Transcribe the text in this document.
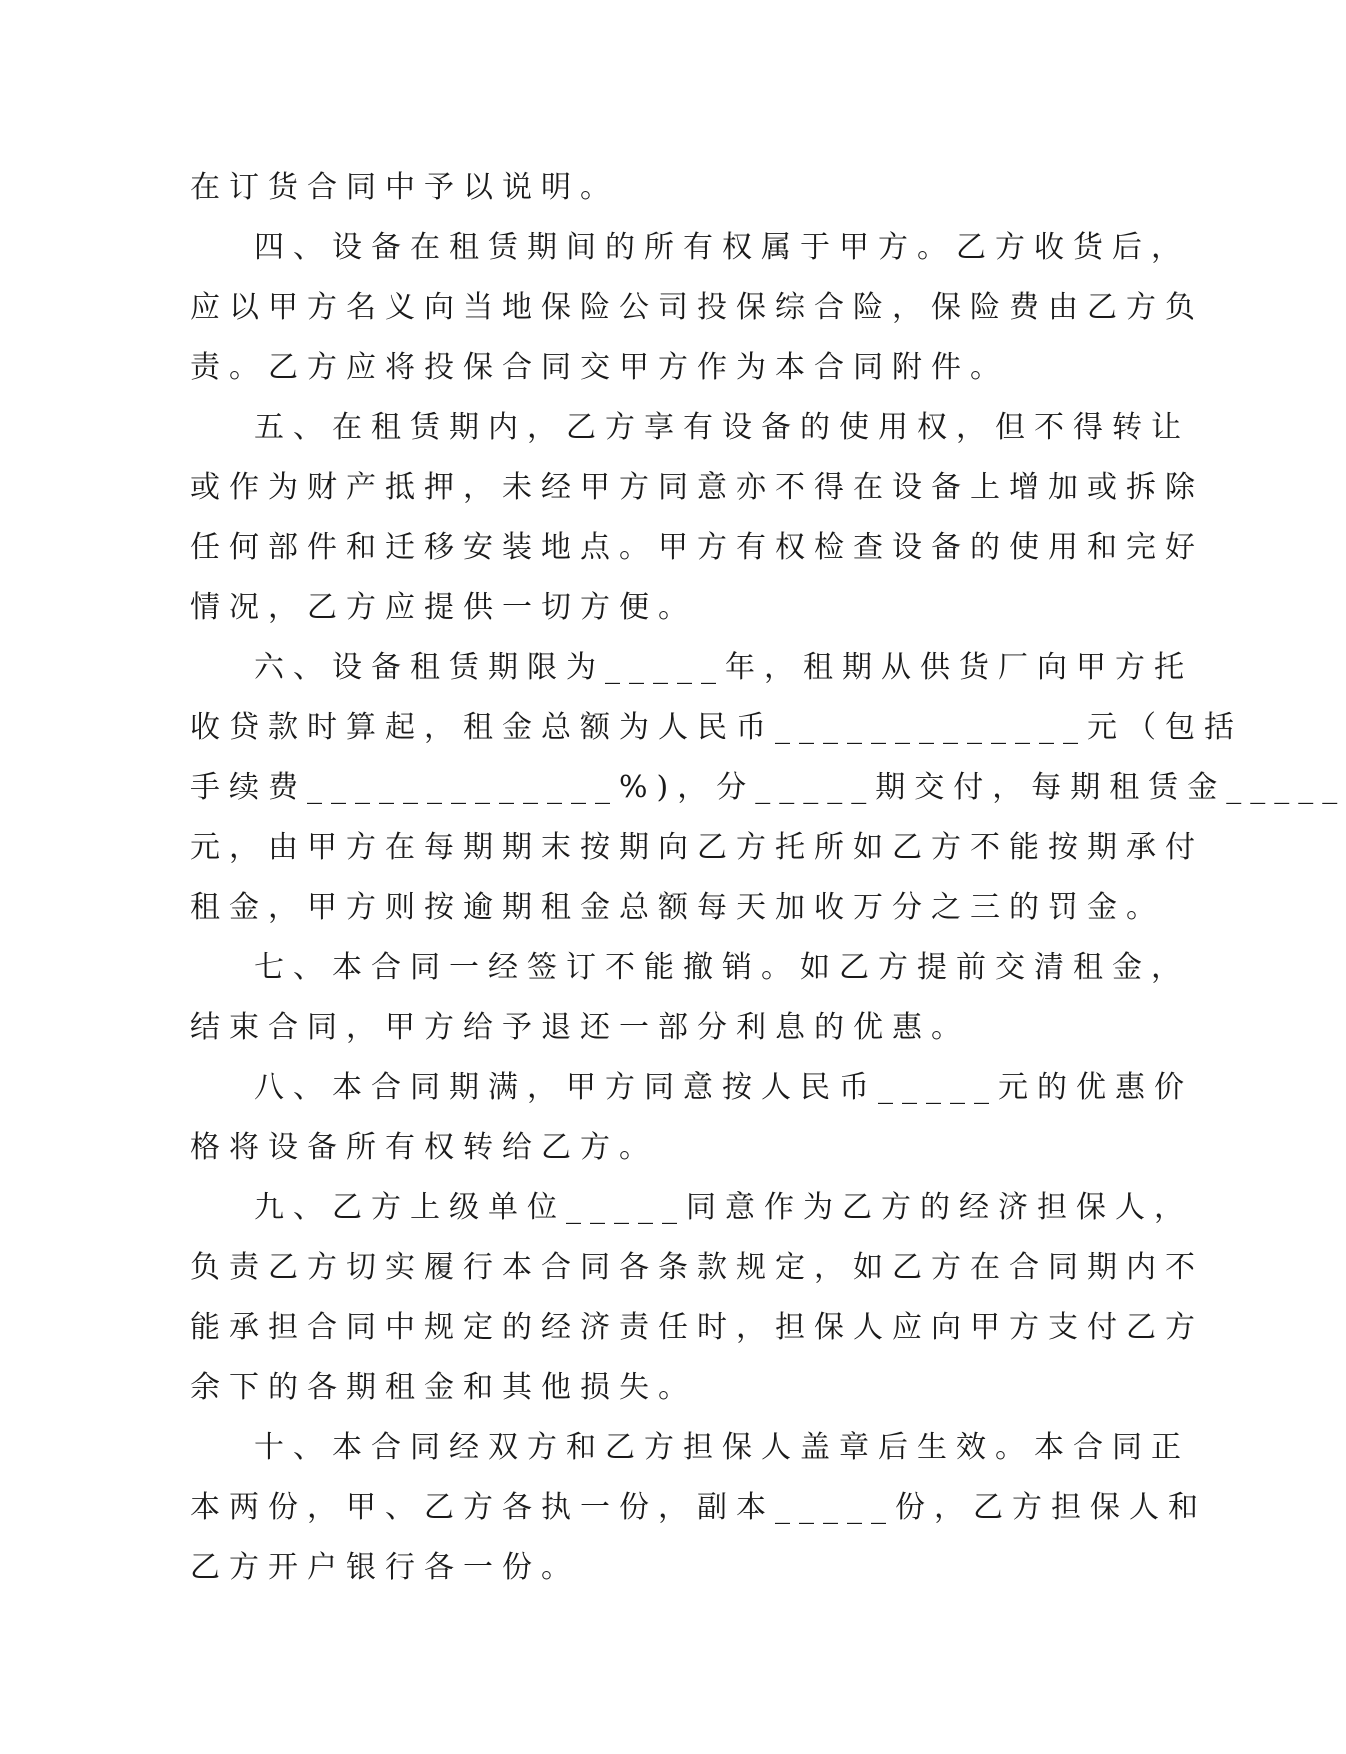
在订货合同中予以说明。
四、设备在租赁期间的所有权属于甲方。乙方收货后，
应以甲方名义向当地保险公司投保综合险，保险费由乙方负
责。乙方应将投保合同交甲方作为本合同附件。
五、在租赁期内，乙方享有设备的使用权，但不得转让
或作为财产抵押，未经甲方同意亦不得在设备上增加或拆除
任何部件和迁移安装地点。甲方有权检查设备的使用和完好
情况，乙方应提供一切方便。
六、设备租赁期限为_____年，租期从供货厂向甲方托
收贷款时算起，租金总额为人民币_____________元（包括
手续费_____________%)，分_____期交付，每期租赁金_____
元，由甲方在每期期末按期向乙方托所如乙方不能按期承付
租金，甲方则按逾期租金总额每天加收万分之三的罚金。
七、本合同一经签订不能撤销。如乙方提前交清租金，
结束合同，甲方给予退还一部分利息的优惠。
八、本合同期满，甲方同意按人民币_____元的优惠价
格将设备所有权转给乙方。
九、乙方上级单位_____同意作为乙方的经济担保人，
负责乙方切实履行本合同各条款规定，如乙方在合同期内不
能承担合同中规定的经济责任时，担保人应向甲方支付乙方
余下的各期租金和其他损失。
十、本合同经双方和乙方担保人盖章后生效。本合同正
本两份，甲、乙方各执一份，副本_____份，乙方担保人和
乙方开户银行各一份。
